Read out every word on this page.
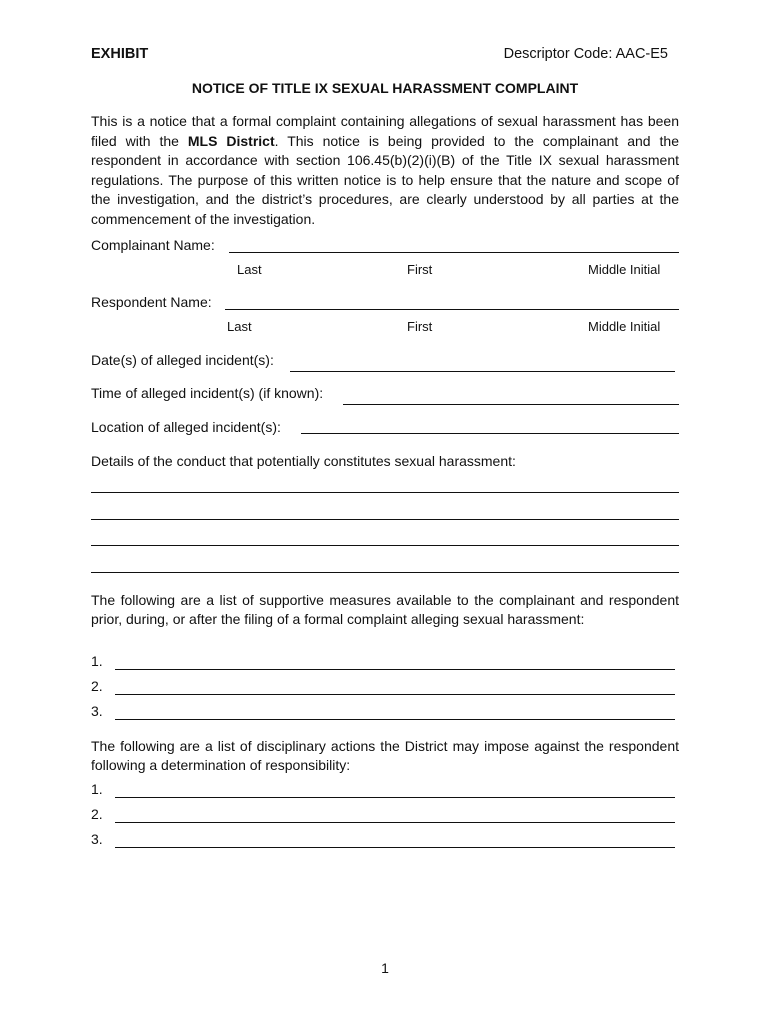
EXHIBIT	Descriptor Code: AAC-E5
NOTICE OF TITLE IX SEXUAL HARASSMENT COMPLAINT
This is a notice that a formal complaint containing allegations of sexual harassment has been filed with the MLS District. This notice is being provided to the complainant and the respondent in accordance with section 106.45(b)(2)(i)(B) of the Title IX sexual harassment regulations. The purpose of this written notice is to help ensure that the nature and scope of the investigation, and the district’s procedures, are clearly understood by all parties at the commencement of the investigation.
Complainant Name:
Last	First	Middle Initial
Respondent Name:
Last	First	Middle Initial
Date(s) of alleged incident(s):
Time of alleged incident(s) (if known):
Location of alleged incident(s):
Details of the conduct that potentially constitutes sexual harassment:
The following are a list of supportive measures available to the complainant and respondent prior, during, or after the filing of a formal complaint alleging sexual harassment:
1.
2.
3.
The following are a list of disciplinary actions the District may impose against the respondent following a determination of responsibility:
1.
2.
3.
1
